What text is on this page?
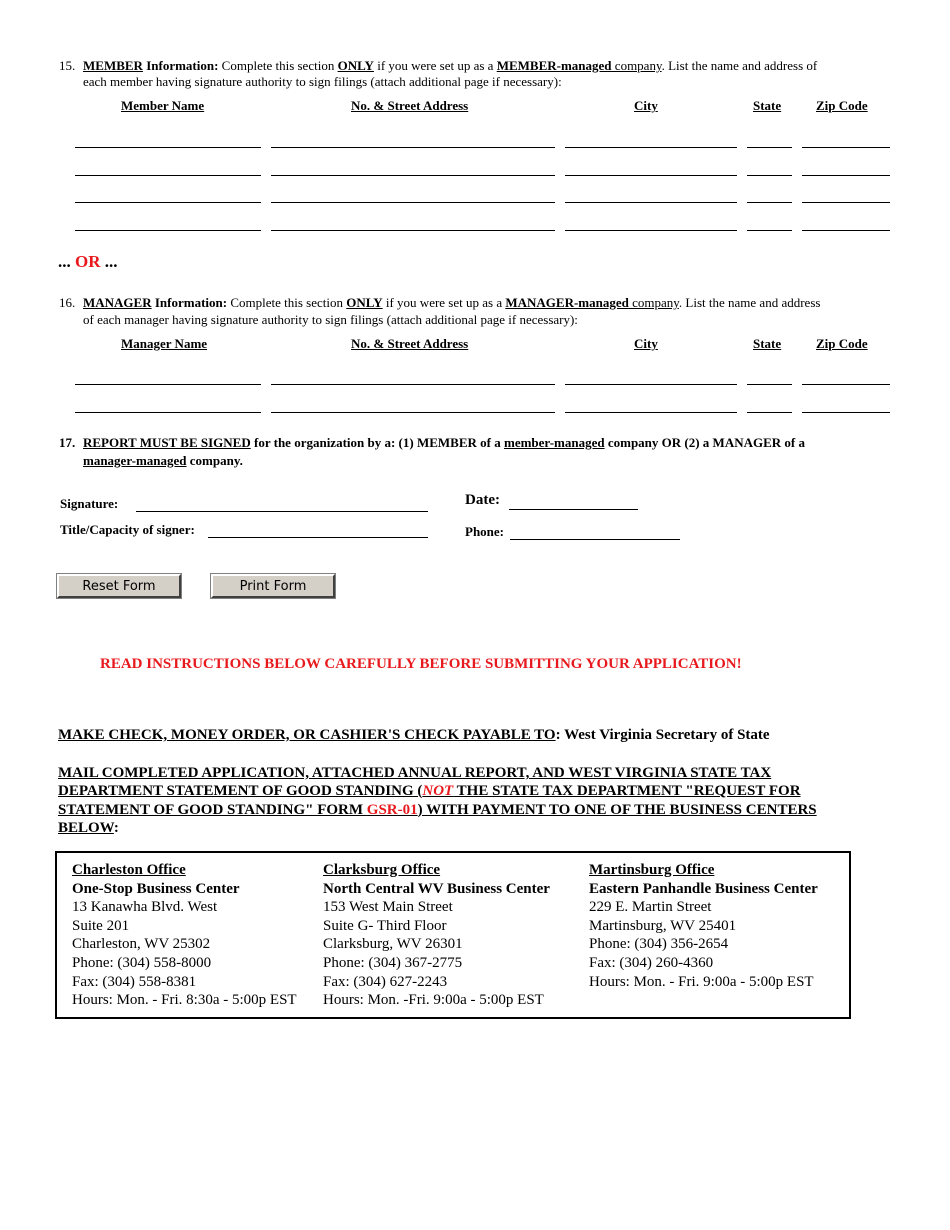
15. MEMBER Information: Complete this section ONLY if you were set up as a MEMBER-managed company. List the name and address of
each member having signature authority to sign filings (attach additional page if necessary):
Member Name	No. & Street Address	City	State	Zip Code
... OR ...
16. MANAGER Information: Complete this section ONLY if you were set up as a MANAGER-managed company. List the name and address
of each manager having signature authority to sign filings (attach additional page if necessary):
Manager Name	No. & Street Address	City	State	Zip Code
17. REPORT MUST BE SIGNED for the organization by a: (1) MEMBER of a member-managed company OR (2) a MANAGER of a
manager-managed company.
Signature:
Title/Capacity of signer:
Date:
Phone:
Reset Form	Print Form
READ INSTRUCTIONS BELOW CAREFULLY BEFORE SUBMITTING YOUR APPLICATION!
MAKE CHECK, MONEY ORDER, OR CASHIER'S CHECK PAYABLE TO: West Virginia Secretary of State
MAIL COMPLETED APPLICATION, ATTACHED ANNUAL REPORT, AND WEST VIRGINIA STATE TAX
DEPARTMENT STATEMENT OF GOOD STANDING (NOT THE STATE TAX DEPARTMENT "REQUEST FOR
STATEMENT OF GOOD STANDING" FORM GSR-01) WITH PAYMENT TO ONE OF THE BUSINESS CENTERS
BELOW:
Charleston Office
One-Stop Business Center
13 Kanawha Blvd. West
Suite 201
Charleston, WV 25302
Phone: (304) 558-8000
Fax: (304) 558-8381
Hours: Mon. - Fri. 8:30a - 5:00p EST
Clarksburg Office
North Central WV Business Center
153 West Main Street
Suite G- Third Floor
Clarksburg, WV 26301
Phone: (304) 367-2775
Fax: (304) 627-2243
Hours: Mon. -Fri. 9:00a - 5:00p EST
Martinsburg Office
Eastern Panhandle Business Center
229 E. Martin Street
Martinsburg, WV 25401
Phone: (304) 356-2654
Fax: (304) 260-4360
Hours: Mon. - Fri. 9:00a - 5:00p EST
